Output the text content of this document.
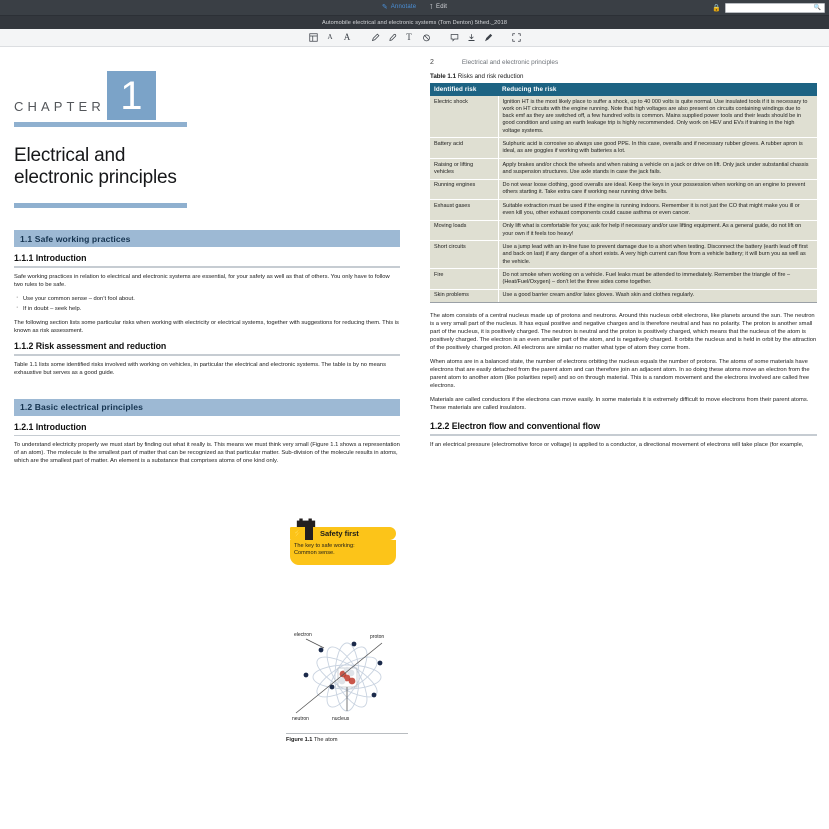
✎ Annotate ⊺ Edit	🔒	🔍
Automobile electrical and electronic systems (Tom Denton) 5thed._2018
A A	T
CHAPTER 1
Electrical and
electronic principles
1.1 Safe working practices
1.1.1 Introduction

Safe working practices in relation to electrical and electronic systems are essential, for your safety as well as that of others. You only have to follow two rules to be safe.

· Use your common sense – don’t fool about.
· If in doubt – seek help.

The following section lists some particular risks when working with electricity or electrical systems, together with suggestions for reducing them. This is known as risk assessment.

1.1.2 Risk assessment and reduction

Table 1.1 lists some identified risks involved with working on vehicles, in particular the electrical and electronic systems. The table is by no means exhaustive but serves as a good guide.

1.2 Basic electrical principles
1.2.1 Introduction

To understand electricity properly we must start by finding out what it really is. This means we must think very small (Figure 1.1 shows a representation of an atom). The molecule is the smallest part of matter that can be recognized as that particular matter. Sub-division of the molecule results in atoms, which are the smallest part of matter. An element is a substance that comprises atoms of one kind only.

2	Electrical and electronic principles
Table 1.1 Risks and risk reduction
Identified risk	Reducing the risk
Electric shock	Ignition HT is the most likely place to suffer a shock, up to 40 000 volts is quite normal. Use insulated tools if it is necessary to work on HT circuits with the engine running. Note that high voltages are also present on circuits containing windings due to back emf as they are switched off, a few hundred volts is common. Mains supplied power tools and their leads should be in good condition and using an earth leakage trip is highly recommended. Only work on HEV and EVs if training in the high voltage systems.
Battery acid	Sulphuric acid is corrosive so always use good PPE. In this case, overalls and if necessary rubber gloves. A rubber apron is ideal, as are goggles if working with batteries a lot.
Raising or lifting vehicles	Apply brakes and/or chock the wheels and when raising a vehicle on a jack or drive on lift. Only jack under substantial chassis and suspension structures. Use axle stands in case the jack fails.
Running engines	Do not wear loose clothing, good overalls are ideal. Keep the keys in your possession when working on an engine to prevent others starting it. Take extra care if working near running drive belts.
Exhaust gases	Suitable extraction must be used if the engine is running indoors. Remember it is not just the CO that might make you ill or even kill you, other exhaust components could cause asthma or even cancer.
Moving loads	Only lift what is comfortable for you; ask for help if necessary and/or use lifting equipment. As a general guide, do not lift on your own if it feels too heavy!
Short circuits	Use a jump lead with an in-line fuse to prevent damage due to a short when testing. Disconnect the battery (earth lead off first and back on last) if any danger of a short exists. A very high current can flow from a vehicle battery; it will burn you as well as the vehicle.
Fire	Do not smoke when working on a vehicle. Fuel leaks must be attended to immediately. Remember the triangle of fire – (Heat/Fuel/Oxygen) – don’t let the three sides come together.
Skin problems	Use a good barrier cream and/or latex gloves. Wash skin and clothes regularly.

The atom consists of a central nucleus made up of protons and neutrons. Around this nucleus orbit electrons, like planets around the sun. The neutron is a very small part of the nucleus. It has equal positive and negative charges and is therefore neutral and has no polarity. The proton is another small part of the nucleus, it is positively charged. The neutron is neutral and the proton is positively charged, which means that the nucleus of the atom is positively charged. The electron is an even smaller part of the atom, and is negatively charged. It orbits the nucleus and is held in orbit by the attraction of the positively charged proton. All electrons are similar no matter what type of atom they come from.

When atoms are in a balanced state, the number of electrons orbiting the nucleus equals the number of protons. The atoms of some materials have electrons that are easily detached from the parent atom and can therefore join an adjacent atom. In so doing these atoms move an electron from the parent atom to another atom (like polarities repel) and so on through material. This is a random movement and the electrons involved are called free electrons.

Materials are called conductors if the electrons can move easily. In some materials it is extremely difficult to move electrons from their parent atoms. These materials are called insulators.

1.2.2 Electron flow and conventional flow

If an electrical pressure (electromotive force or voltage) is applied to a conductor, a directional movement of electrons will take place (for example,

⚡	Safety first
The key to safe working:
Common sense.
electron	proton
neutron	nucleus
Figure 1.1 The atom
